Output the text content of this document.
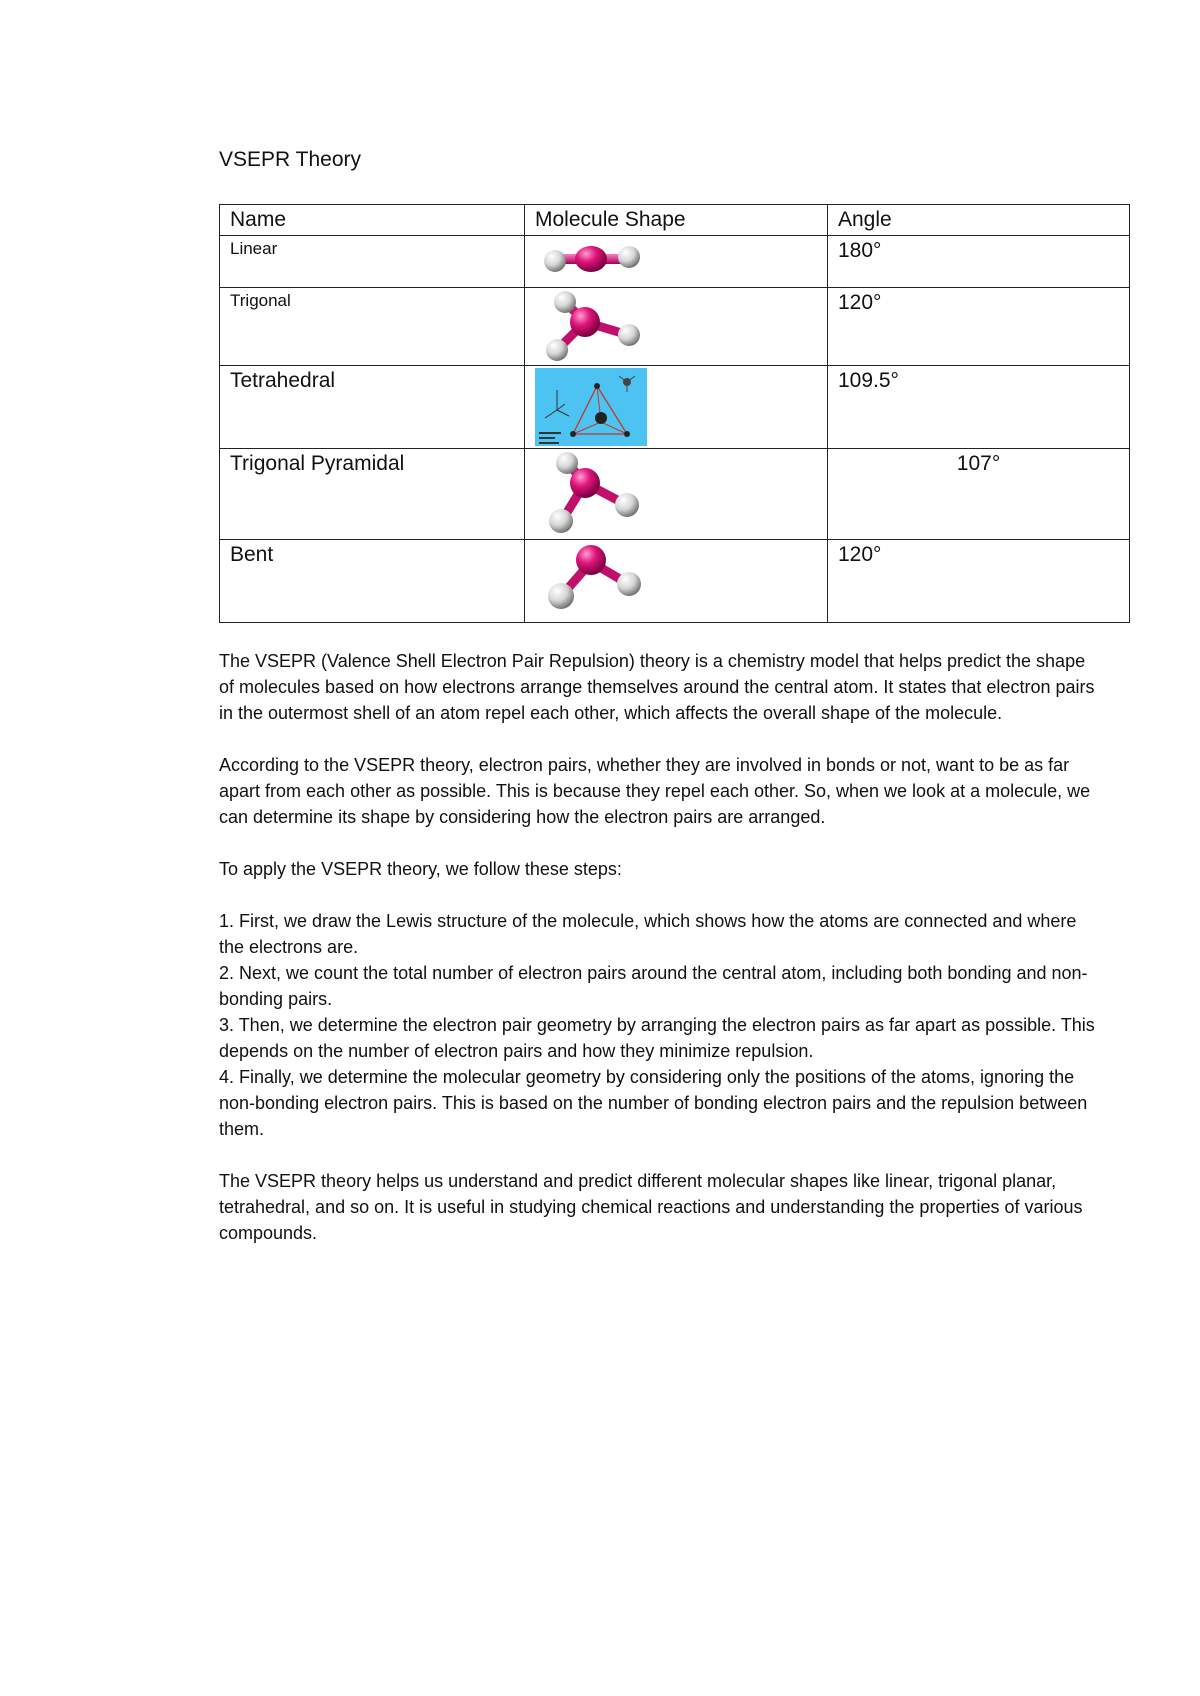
VSEPR Theory
Name	Molecule Shape	Angle
Linear		180°
Trigonal		120°
Tetrahedral		109.5°
Trigonal Pyramidal		107°
Bent		120°

The VSEPR (Valence Shell Electron Pair Repulsion) theory is a chemistry model that helps predict the shape of molecules based on how electrons arrange themselves around the central atom. It states that electron pairs in the outermost shell of an atom repel each other, which affects the overall shape of the molecule.

According to the VSEPR theory, electron pairs, whether they are involved in bonds or not, want to be as far apart from each other as possible. This is because they repel each other. So, when we look at a molecule, we can determine its shape by considering how the electron pairs are arranged.

To apply the VSEPR theory, we follow these steps:

1. First, we draw the Lewis structure of the molecule, which shows how the atoms are connected and where the electrons are.
2. Next, we count the total number of electron pairs around the central atom, including both bonding and non-bonding pairs.
3. Then, we determine the electron pair geometry by arranging the electron pairs as far apart as possible. This depends on the number of electron pairs and how they minimize repulsion.
4. Finally, we determine the molecular geometry by considering only the positions of the atoms, ignoring the non-bonding electron pairs. This is based on the number of bonding electron pairs and the repulsion between them.

The VSEPR theory helps us understand and predict different molecular shapes like linear, trigonal planar, tetrahedral, and so on. It is useful in studying chemical reactions and understanding the properties of various compounds.
